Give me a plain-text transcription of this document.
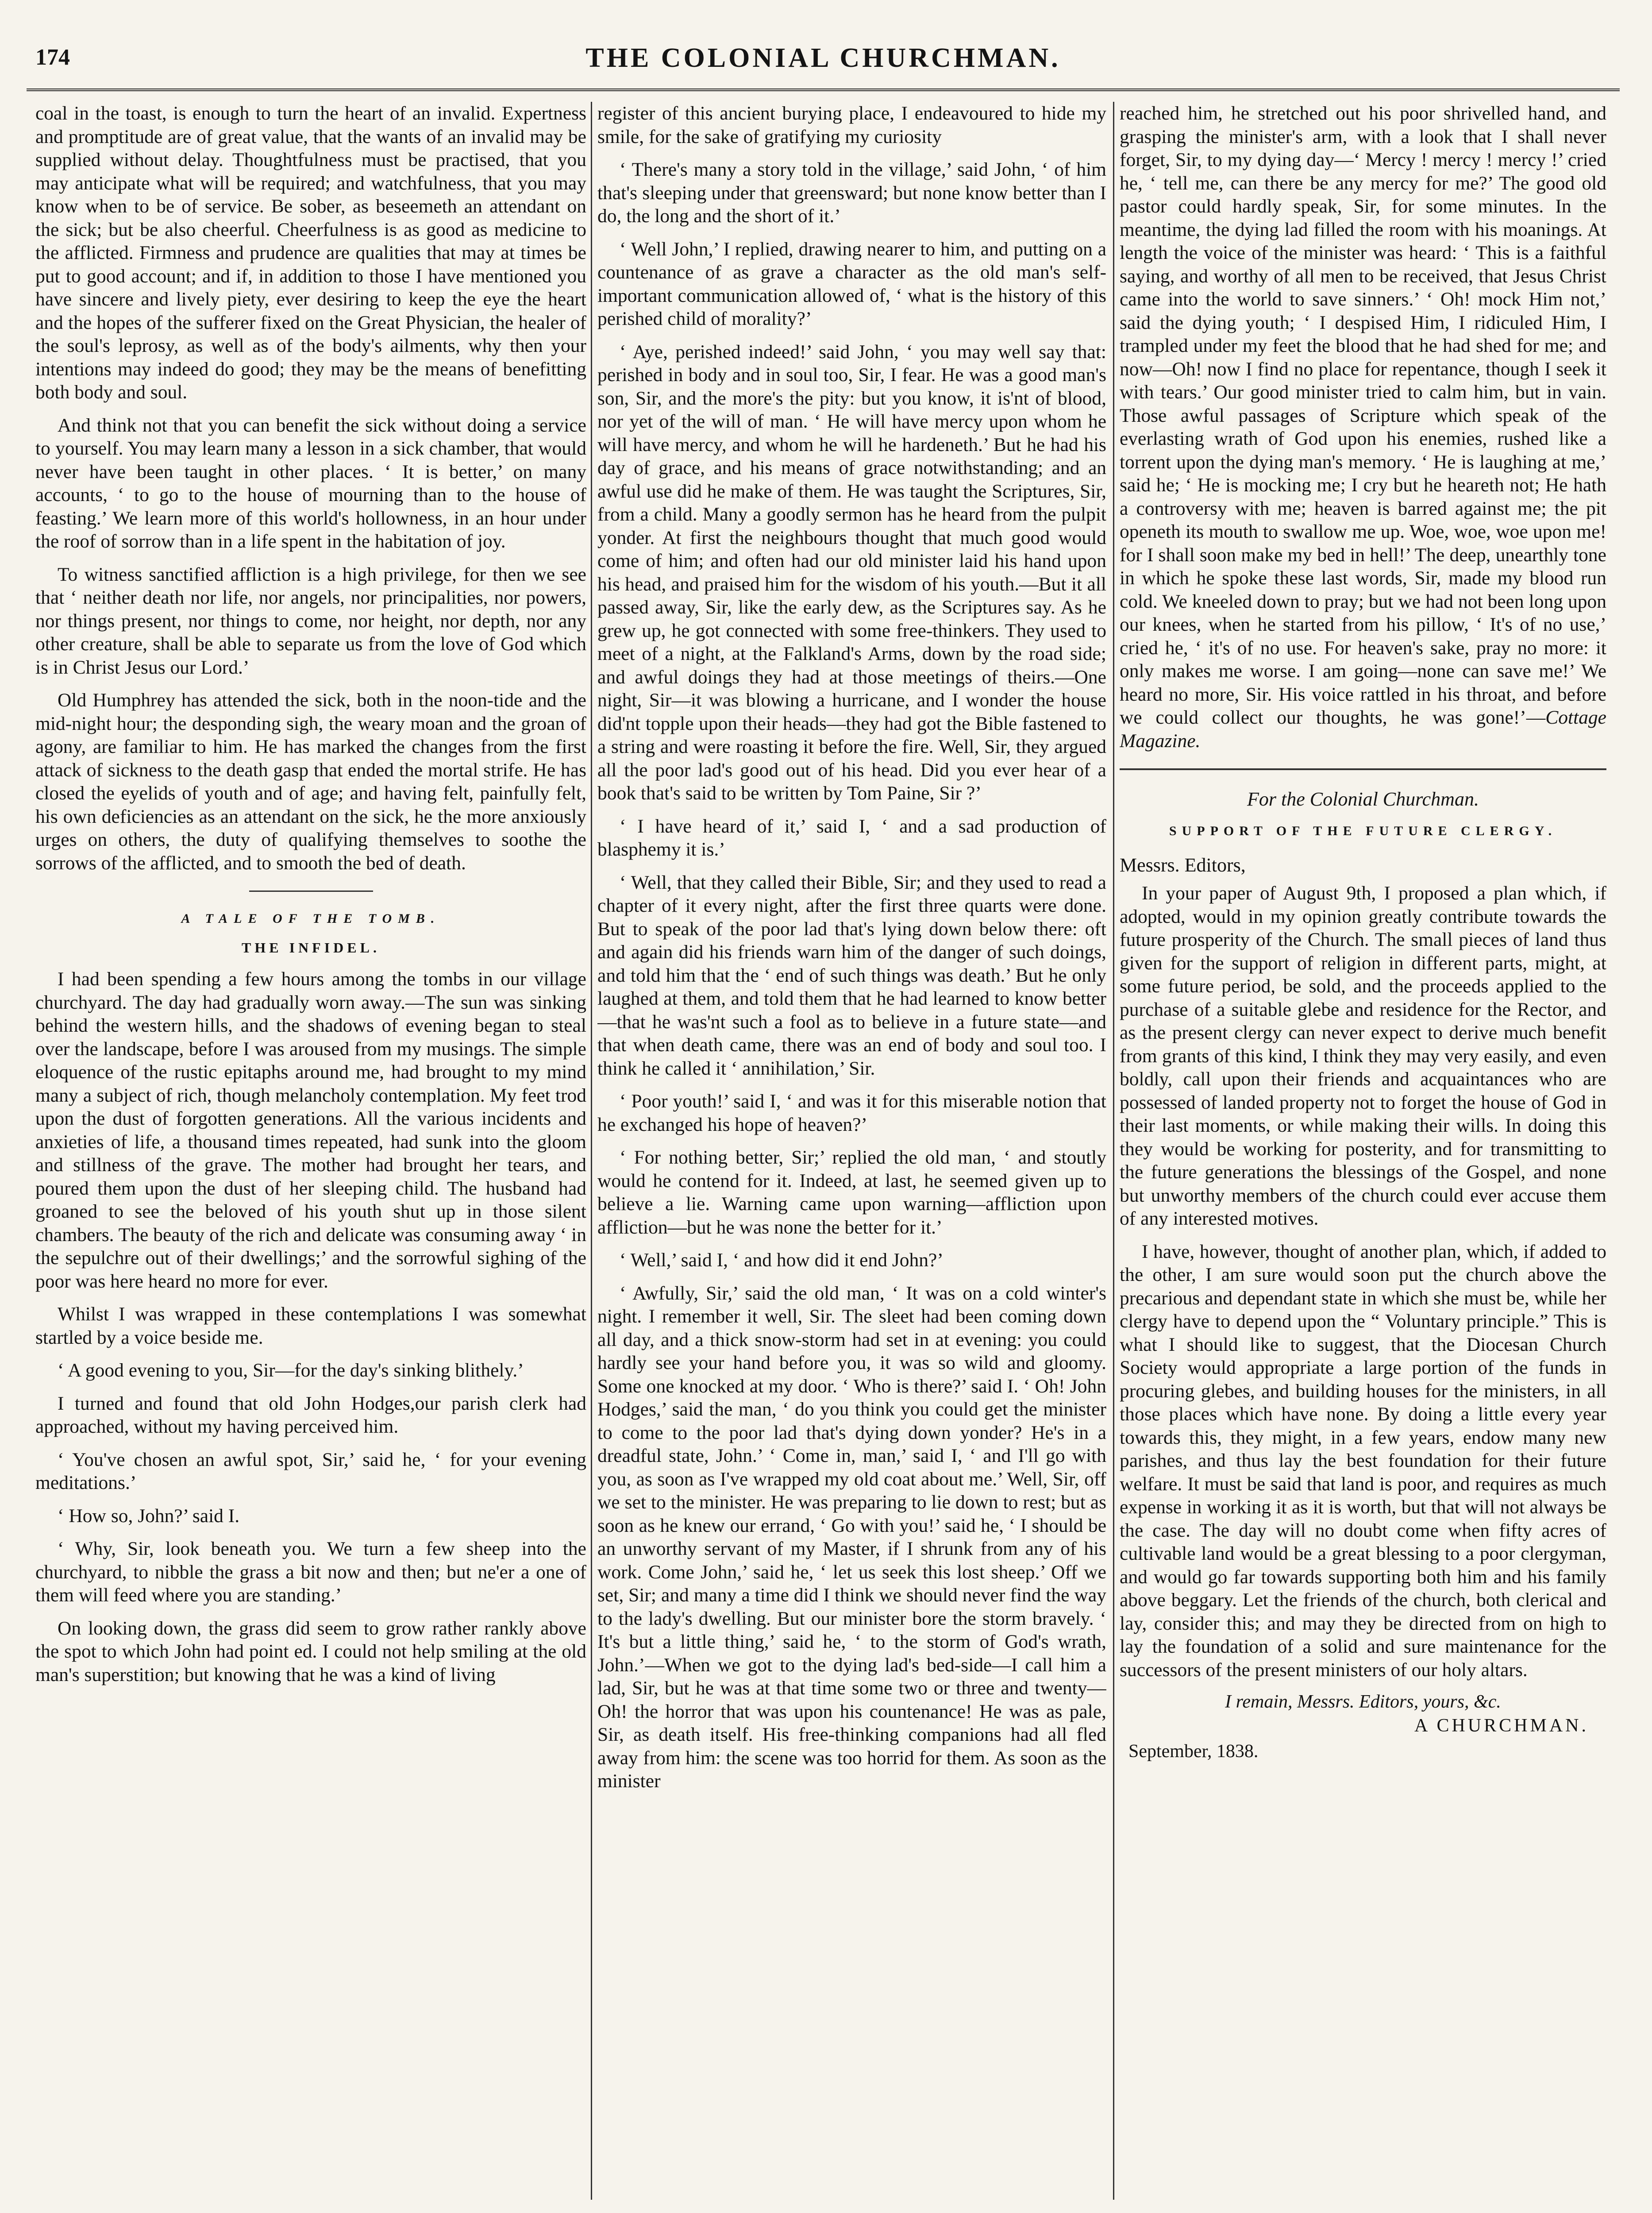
174	THE COLONIAL CHURCHMAN.

coal in the toast, is enough to turn the heart of an invalid. Expertness and promptitude are of great value, that the wants of an invalid may be supplied without delay. Thoughtfulness must be practised, that you may anticipate what will be required; and watchfulness, that you may know when to be of service. Be sober, as beseemeth an attendant on the sick; but be also cheerful. Cheerfulness is as good as medicine to the afflicted. Firmness and prudence are qualities that may at times be put to good account; and if, in addition to those I have mentioned you have sincere and lively piety, ever desiring to keep the eye the heart and the hopes of the sufferer fixed on the Great Physician, the healer of the soul's leprosy, as well as of the body's ailments, why then your intentions may indeed do good; they may be the means of benefitting both body and soul.

And think not that you can benefit the sick without doing a service to yourself. You may learn many a lesson in a sick chamber, that would never have been taught in other places. ‘ It is better,’ on many accounts, ‘ to go to the house of mourning than to the house of feasting.’ We learn more of this world's hollowness, in an hour under the roof of sorrow than in a life spent in the habitation of joy.

To witness sanctified affliction is a high privilege, for then we see that ‘ neither death nor life, nor angels, nor principalities, nor powers, nor things present, nor things to come, nor height, nor depth, nor any other creature, shall be able to separate us from the love of God which is in Christ Jesus our Lord.’

Old Humphrey has attended the sick, both in the noon-tide and the mid-night hour; the desponding sigh, the weary moan and the groan of agony, are familiar to him. He has marked the changes from the first attack of sickness to the death gasp that ended the mortal strife. He has closed the eyelids of youth and of age; and having felt, painfully felt, his own deficiencies as an attendant on the sick, he the more anxiously urges on others, the duty of qualifying themselves to soothe the sorrows of the afflicted, and to smooth the bed of death.

A TALE OF THE TOMB.
THE INFIDEL.

I had been spending a few hours among the tombs in our village churchyard. The day had gradually worn away.—The sun was sinking behind the western hills, and the shadows of evening began to steal over the landscape, before I was aroused from my musings. The simple eloquence of the rustic epitaphs around me, had brought to my mind many a subject of rich, though melancholy contemplation. My feet trod upon the dust of forgotten generations. All the various incidents and anxieties of life, a thousand times repeated, had sunk into the gloom and stillness of the grave. The mother had brought her tears, and poured them upon the dust of her sleeping child. The husband had groaned to see the beloved of his youth shut up in those silent chambers. The beauty of the rich and delicate was consuming away ‘ in the sepulchre out of their dwellings;’ and the sorrowful sighing of the poor was here heard no more for ever.

Whilst I was wrapped in these contemplations I was somewhat startled by a voice beside me.

‘ A good evening to you, Sir—for the day's sinking blithely.’

I turned and found that old John Hodges,our parish clerk had approached, without my having perceived him.

‘ You've chosen an awful spot, Sir,’ said he, ‘ for your evening meditations.’

‘ How so, John?’ said I.

‘ Why, Sir, look beneath you. We turn a few sheep into the churchyard, to nibble the grass a bit now and then; but ne'er a one of them will feed where you are standing.’

On looking down, the grass did seem to grow rather rankly above the spot to which John had point ed. I could not help smiling at the old man's superstition; but knowing that he was a kind of living

register of this ancient burying place, I endeavoured to hide my smile, for the sake of gratifying my curiosity

‘ There's many a story told in the village,’ said John, ‘ of him that's sleeping under that greensward; but none know better than I do, the long and the short of it.’

‘ Well John,’ I replied, drawing nearer to him, and putting on a countenance of as grave a character as the old man's self-important communication allowed of, ‘ what is the history of this perished child of morality?’

‘ Aye, perished indeed!’ said John, ‘ you may well say that: perished in body and in soul too, Sir, I fear. He was a good man's son, Sir, and the more's the pity: but you know, it is'nt of blood, nor yet of the will of man. ‘ He will have mercy upon whom he will have mercy, and whom he will he hardeneth.’ But he had his day of grace, and his means of grace notwithstanding; and an awful use did he make of them. He was taught the Scriptures, Sir, from a child. Many a goodly sermon has he heard from the pulpit yonder. At first the neighbours thought that much good would come of him; and often had our old minister laid his hand upon his head, and praised him for the wisdom of his youth.—But it all passed away, Sir, like the early dew, as the Scriptures say. As he grew up, he got connected with some free-thinkers. They used to meet of a night, at the Falkland's Arms, down by the road side; and awful doings they had at those meetings of theirs.—One night, Sir—it was blowing a hurricane, and I wonder the house did'nt topple upon their heads—they had got the Bible fastened to a string and were roasting it before the fire. Well, Sir, they argued all the poor lad's good out of his head. Did you ever hear of a book that's said to be written by Tom Paine, Sir ?’

‘ I have heard of it,’ said I, ‘ and a sad production of blasphemy it is.’

‘ Well, that they called their Bible, Sir; and they used to read a chapter of it every night, after the first three quarts were done. But to speak of the poor lad that's lying down below there: oft and again did his friends warn him of the danger of such doings, and told him that the ‘ end of such things was death.’ But he only laughed at them, and told them that he had learned to know better—that he was'nt such a fool as to believe in a future state—and that when death came, there was an end of body and soul too. I think he called it ‘ annihilation,’ Sir.

‘ Poor youth!’ said I, ‘ and was it for this miserable notion that he exchanged his hope of heaven?’

‘ For nothing better, Sir;’ replied the old man, ‘ and stoutly would he contend for it. Indeed, at last, he seemed given up to believe a lie. Warning came upon warning—affliction upon affliction—but he was none the better for it.’

‘ Well,’ said I, ‘ and how did it end John?’

‘ Awfully, Sir,’ said the old man, ‘ It was on a cold winter's night. I remember it well, Sir. The sleet had been coming down all day, and a thick snow-storm had set in at evening: you could hardly see your hand before you, it was so wild and gloomy. Some one knocked at my door. ‘ Who is there?’ said I. ‘ Oh! John Hodges,’ said the man, ‘ do you think you could get the minister to come to the poor lad that's dying down yonder? He's in a dreadful state, John.’ ‘ Come in, man,’ said I, ‘ and I'll go with you, as soon as I've wrapped my old coat about me.’ Well, Sir, off we set to the minister. He was preparing to lie down to rest; but as soon as he knew our errand, ‘ Go with you!’ said he, ‘ I should be an unworthy servant of my Master, if I shrunk from any of his work. Come John,’ said he, ‘ let us seek this lost sheep.’ Off we set, Sir; and many a time did I think we should never find the way to the lady's dwelling. But our minister bore the storm bravely. ‘ It's but a little thing,’ said he, ‘ to the storm of God's wrath, John.’—When we got to the dying lad's bed-side—I call him a lad, Sir, but he was at that time some two or three and twenty—Oh! the horror that was upon his countenance! He was as pale, Sir, as death itself. His free-thinking companions had all fled away from him: the scene was too horrid for them. As soon as the minister

reached him, he stretched out his poor shrivelled hand, and grasping the minister's arm, with a look that I shall never forget, Sir, to my dying day—‘ Mercy ! mercy ! mercy !’ cried he, ‘ tell me, can there be any mercy for me?’ The good old pastor could hardly speak, Sir, for some minutes. In the meantime, the dying lad filled the room with his moanings. At length the voice of the minister was heard: ‘ This is a faithful saying, and worthy of all men to be received, that Jesus Christ came into the world to save sinners.’ ‘ Oh! mock Him not,’ said the dying youth; ‘ I despised Him, I ridiculed Him, I trampled under my feet the blood that he had shed for me; and now—Oh! now I find no place for repentance, though I seek it with tears.’ Our good minister tried to calm him, but in vain. Those awful passages of Scripture which speak of the everlasting wrath of God upon his enemies, rushed like a torrent upon the dying man's memory. ‘ He is laughing at me,’ said he; ‘ He is mocking me; I cry but he heareth not; He hath a controversy with me; heaven is barred against me; the pit openeth its mouth to swallow me up. Woe, woe, woe upon me! for I shall soon make my bed in hell!’ The deep, unearthly tone in which he spoke these last words, Sir, made my blood run cold. We kneeled down to pray; but we had not been long upon our knees, when he started from his pillow, ‘ It's of no use,’ cried he, ‘ it's of no use. For heaven's sake, pray no more: it only makes me worse. I am going—none can save me!’ We heard no more, Sir. His voice rattled in his throat, and before we could collect our thoughts, he was gone!’—Cottage Magazine.

For the Colonial Churchman.
SUPPORT OF THE FUTURE CLERGY.
Messrs. Editors,

In your paper of August 9th, I proposed a plan which, if adopted, would in my opinion greatly contribute towards the future prosperity of the Church. The small pieces of land thus given for the support of religion in different parts, might, at some future period, be sold, and the proceeds applied to the purchase of a suitable glebe and residence for the Rector, and as the present clergy can never expect to derive much benefit from grants of this kind, I think they may very easily, and even boldly, call upon their friends and acquaintances who are possessed of landed property not to forget the house of God in their last moments, or while making their wills. In doing this they would be working for posterity, and for transmitting to the future generations the blessings of the Gospel, and none but unworthy members of the church could ever accuse them of any interested motives.

I have, however, thought of another plan, which, if added to the other, I am sure would soon put the church above the precarious and dependant state in which she must be, while her clergy have to depend upon the “ Voluntary principle.” This is what I should like to suggest, that the Diocesan Church Society would appropriate a large portion of the funds in procuring glebes, and building houses for the ministers, in all those places which have none. By doing a little every year towards this, they might, in a few years, endow many new parishes, and thus lay the best foundation for their future welfare. It must be said that land is poor, and requires as much expense in working it as it is worth, but that will not always be the case. The day will no doubt come when fifty acres of cultivable land would be a great blessing to a poor clergyman, and would go far towards supporting both him and his family above beggary. Let the friends of the church, both clerical and lay, consider this; and may they be directed from on high to lay the foundation of a solid and sure maintenance for the successors of the present ministers of our holy altars.

I remain, Messrs. Editors, yours, &c.
A CHURCHMAN.
September, 1838.
